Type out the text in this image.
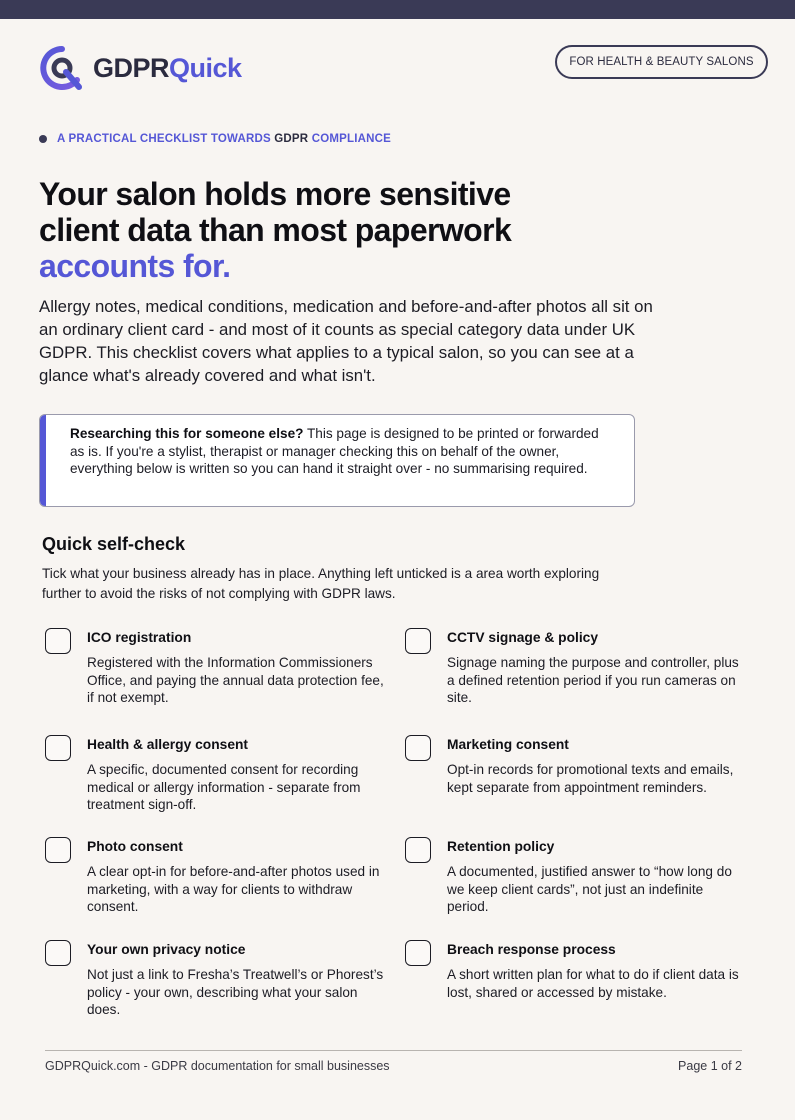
GDPRQuick	FOR HEALTH & BEAUTY SALONS
A PRACTICAL CHECKLIST TOWARDS GDPR COMPLIANCE
Your salon holds more sensitive
client data than most paperwork
accounts for.
Allergy notes, medical conditions, medication and before-and-after photos all sit on an ordinary client card - and most of it counts as special category data under UK GDPR. This checklist covers what applies to a typical salon, so you can see at a glance what's already covered and what isn't.
Researching this for someone else? This page is designed to be printed or forwarded as is. If you're a stylist, therapist or manager checking this on behalf of the owner, everything below is written so you can hand it straight over - no summarising required.
Quick self-check
Tick what your business already has in place. Anything left unticked is a area worth exploring further to avoid the risks of not complying with GDPR laws.
ICO registration
Registered with the Information Commissioners Office, and paying the annual data protection fee, if not exempt.
CCTV signage & policy
Signage naming the purpose and controller, plus a defined retention period if you run cameras on site.
Health & allergy consent
A specific, documented consent for recording medical or allergy information - separate from treatment sign-off.
Marketing consent
Opt-in records for promotional texts and emails, kept separate from appointment reminders.
Photo consent
A clear opt-in for before-and-after photos used in marketing, with a way for clients to withdraw consent.
Retention policy
A documented, justified answer to “how long do we keep client cards”, not just an indefinite period.
Your own privacy notice
Not just a link to Fresha’s Treatwell’s or Phorest’s policy - your own, describing what your salon does.
Breach response process
A short written plan for what to do if client data is lost, shared or accessed by mistake.
GDPRQuick.com - GDPR documentation for small businesses	Page 1 of 2
